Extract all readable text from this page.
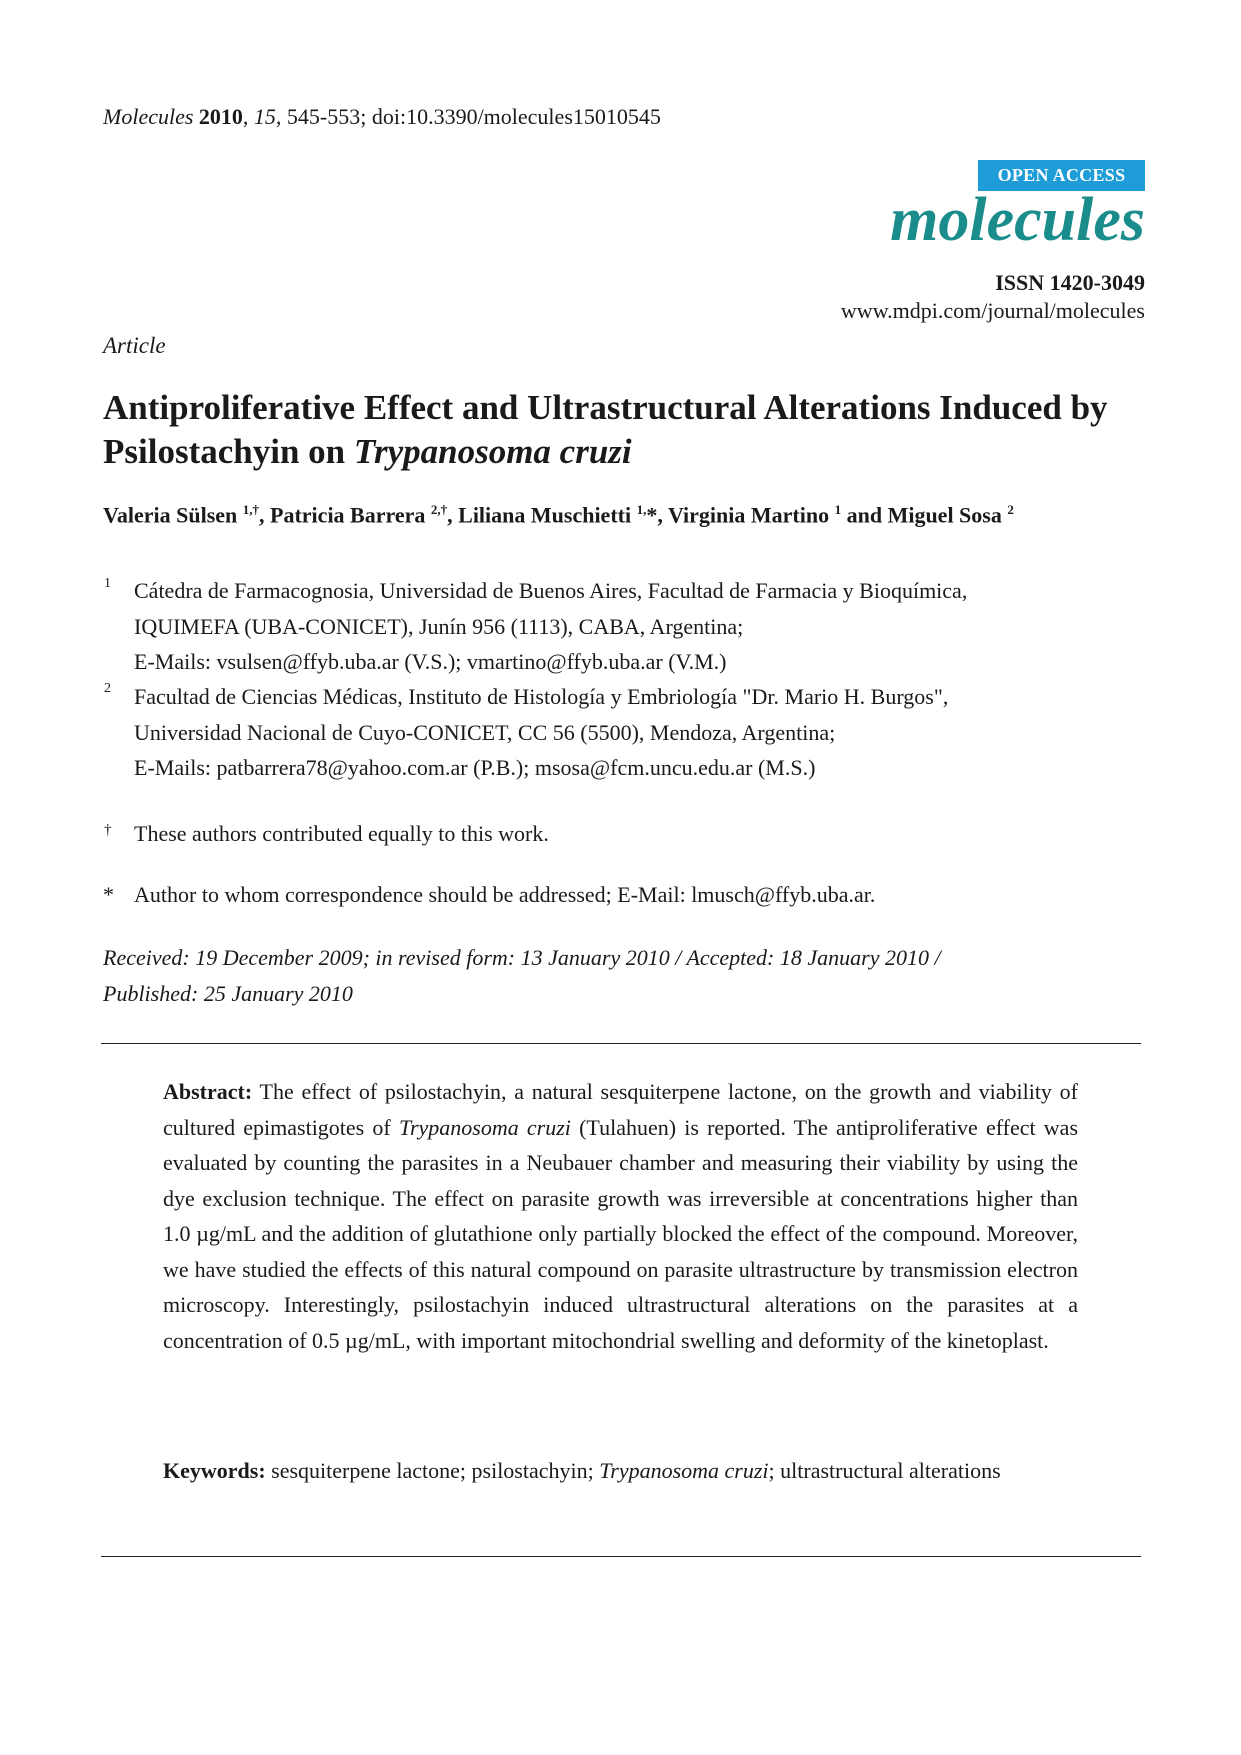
Molecules 2010, 15, 545-553; doi:10.3390/molecules15010545
OPEN ACCESS
molecules
ISSN 1420-3049
www.mdpi.com/journal/molecules
Article
Antiproliferative Effect and Ultrastructural Alterations Induced by Psilostachyin on Trypanosoma cruzi
Valeria Sülsen $^{1,\dagger}$, Patricia Barrera $^{2,\dagger}$, Liliana Muschietti $^{1,}$*, Virginia Martino $^1$ and Miguel Sosa $^2$
1 Cátedra de Farmacognosia, Universidad de Buenos Aires, Facultad de Farmacia y Bioquímica,
IQUIMEFA (UBA-CONICET), Junín 956 (1113), CABA, Argentina;
E-Mails: vsulsen@ffyb.uba.ar (V.S.); vmartino@ffyb.uba.ar (V.M.)
2 Facultad de Ciencias Médicas, Instituto de Histología y Embriología "Dr. Mario H. Burgos",
Universidad Nacional de Cuyo-CONICET, CC 56 (5500), Mendoza, Argentina;
E-Mails: patbarrera78@yahoo.com.ar (P.B.); msosa@fcm.uncu.edu.ar (M.S.)
† These authors contributed equally to this work.
* Author to whom correspondence should be addressed; E-Mail: lmusch@ffyb.uba.ar.
Received: 19 December 2009; in revised form: 13 January 2010 / Accepted: 18 January 2010 /
Published: 25 January 2010
Abstract: The effect of psilostachyin, a natural sesquiterpene lactone, on the growth and viability of cultured epimastigotes of Trypanosoma cruzi (Tulahuen) is reported. The antiproliferative effect was evaluated by counting the parasites in a Neubauer chamber and measuring their viability by using the dye exclusion technique. The effect on parasite growth was irreversible at concentrations higher than 1.0 µg/mL and the addition of glutathione only partially blocked the effect of the compound. Moreover, we have studied the effects of this natural compound on parasite ultrastructure by transmission electron microscopy. Interestingly, psilostachyin induced ultrastructural alterations on the parasites at a concentration of 0.5 µg/mL, with important mitochondrial swelling and deformity of the kinetoplast.
Keywords: sesquiterpene lactone; psilostachyin; Trypanosoma cruzi; ultrastructural alterations
